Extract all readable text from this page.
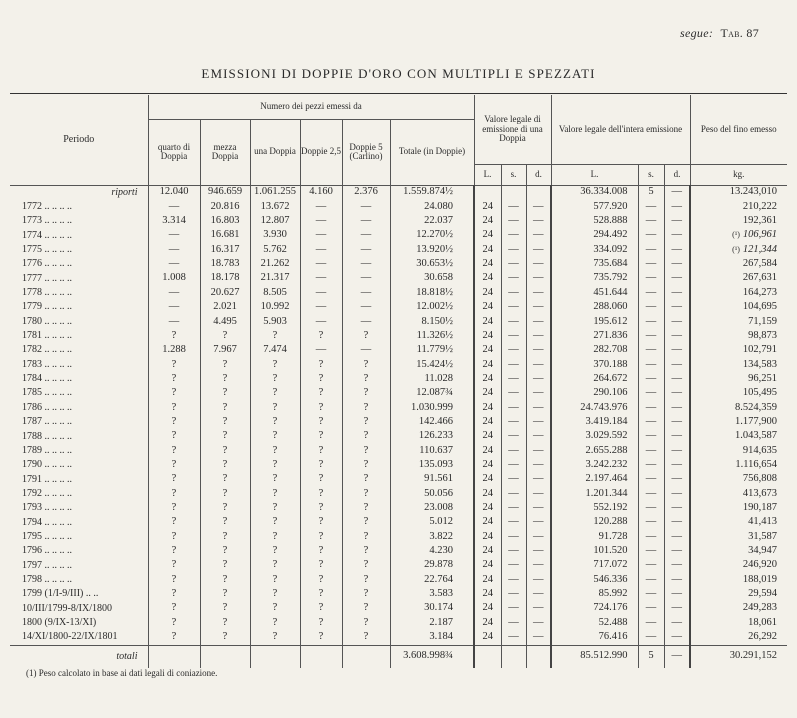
segue: Tab. 87
EMISSIONI DI DOPPIE D'ORO CON MULTIPLI E SPEZZATI
Periodo	Numero dei pezzi emessi da						Valore legale di emissione di una Doppia			Valore legale dell'intera emissione			Peso del fino emesso
	quarto di Doppia	mezza Doppia	una Doppia	Doppie 2,5	Doppie 5 (Carlino)	Totale (in Doppie)							
							L.	s.	d.	L.	s.	d.	kg.
riporti	12.040	946.659	1.061.255	4.160	2.376	1.559.874½				36.334.008	5	—	13.243,010
1772 .. .. .. ..	—	20.816	13.672	—	—	24.080	24	—	—	577.920	—	—	210,222
1773 .. .. .. ..	3.314	16.803	12.807	—	—	22.037	24	—	—	528.888	—	—	192,361
1774 .. .. .. ..	—	16.681	3.930	—	—	12.270½	24	—	—	294.492	—	—	(¹) 106,961
1775 .. .. .. ..	—	16.317	5.762	—	—	13.920½	24	—	—	334.092	—	—	(¹) 121,344
1776 .. .. .. ..	—	18.783	21.262	—	—	30.653½	24	—	—	735.684	—	—	267,584
1777 .. .. .. ..	1.008	18.178	21.317	—	—	30.658	24	—	—	735.792	—	—	267,631
1778 .. .. .. ..	—	20.627	8.505	—	—	18.818½	24	—	—	451.644	—	—	164,273
1779 .. .. .. ..	—	2.021	10.992	—	—	12.002½	24	—	—	288.060	—	—	104,695
1780 .. .. .. ..	—	4.495	5.903	—	—	8.150½	24	—	—	195.612	—	—	71,159
1781 .. .. .. ..	?	?	?	?	?	11.326½	24	—	—	271.836	—	—	98,873
1782 .. .. .. ..	1.288	7.967	7.474	—	—	11.779½	24	—	—	282.708	—	—	102,791
1783 .. .. .. ..	?	?	?	?	?	15.424½	24	—	—	370.188	—	—	134,583
1784 .. .. .. ..	?	?	?	?	?	11.028	24	—	—	264.672	—	—	96,251
1785 .. .. .. ..	?	?	?	?	?	12.087¾	24	—	—	290.106	—	—	105,495
1786 .. .. .. ..	?	?	?	?	?	1.030.999	24	—	—	24.743.976	—	—	8.524,359
1787 .. .. .. ..	?	?	?	?	?	142.466	24	—	—	3.419.184	—	—	1.177,900
1788 .. .. .. ..	?	?	?	?	?	126.233	24	—	—	3.029.592	—	—	1.043,587
1789 .. .. .. ..	?	?	?	?	?	110.637	24	—	—	2.655.288	—	—	914,635
1790 .. .. .. ..	?	?	?	?	?	135.093	24	—	—	3.242.232	—	—	1.116,654
1791 .. .. .. ..	?	?	?	?	?	91.561	24	—	—	2.197.464	—	—	756,808
1792 .. .. .. ..	?	?	?	?	?	50.056	24	—	—	1.201.344	—	—	413,673
1793 .. .. .. ..	?	?	?	?	?	23.008	24	—	—	552.192	—	—	190,187
1794 .. .. .. ..	?	?	?	?	?	5.012	24	—	—	120.288	—	—	41,413
1795 .. .. .. ..	?	?	?	?	?	3.822	24	—	—	91.728	—	—	31,587
1796 .. .. .. ..	?	?	?	?	?	4.230	24	—	—	101.520	—	—	34,947
1797 .. .. .. ..	?	?	?	?	?	29.878	24	—	—	717.072	—	—	246,920
1798 .. .. .. ..	?	?	?	?	?	22.764	24	—	—	546.336	—	—	188,019
1799 (1/I-9/III) .. ..	?	?	?	?	?	3.583	24	—	—	85.992	—	—	29,594
10/III/1799-8/IX/1800	?	?	?	?	?	30.174	24	—	—	724.176	—	—	249,283
1800 (9/IX-13/XI)	?	?	?	?	?	2.187	24	—	—	52.488	—	—	18,061
14/XI/1800-22/IX/1801	?	?	?	?	?	3.184	24	—	—	76.416	—	—	26,292
totali						3.608.998¾				85.512.990	5	—	30.291,152
(1) Peso calcolato in base ai dati legali di coniazione.
